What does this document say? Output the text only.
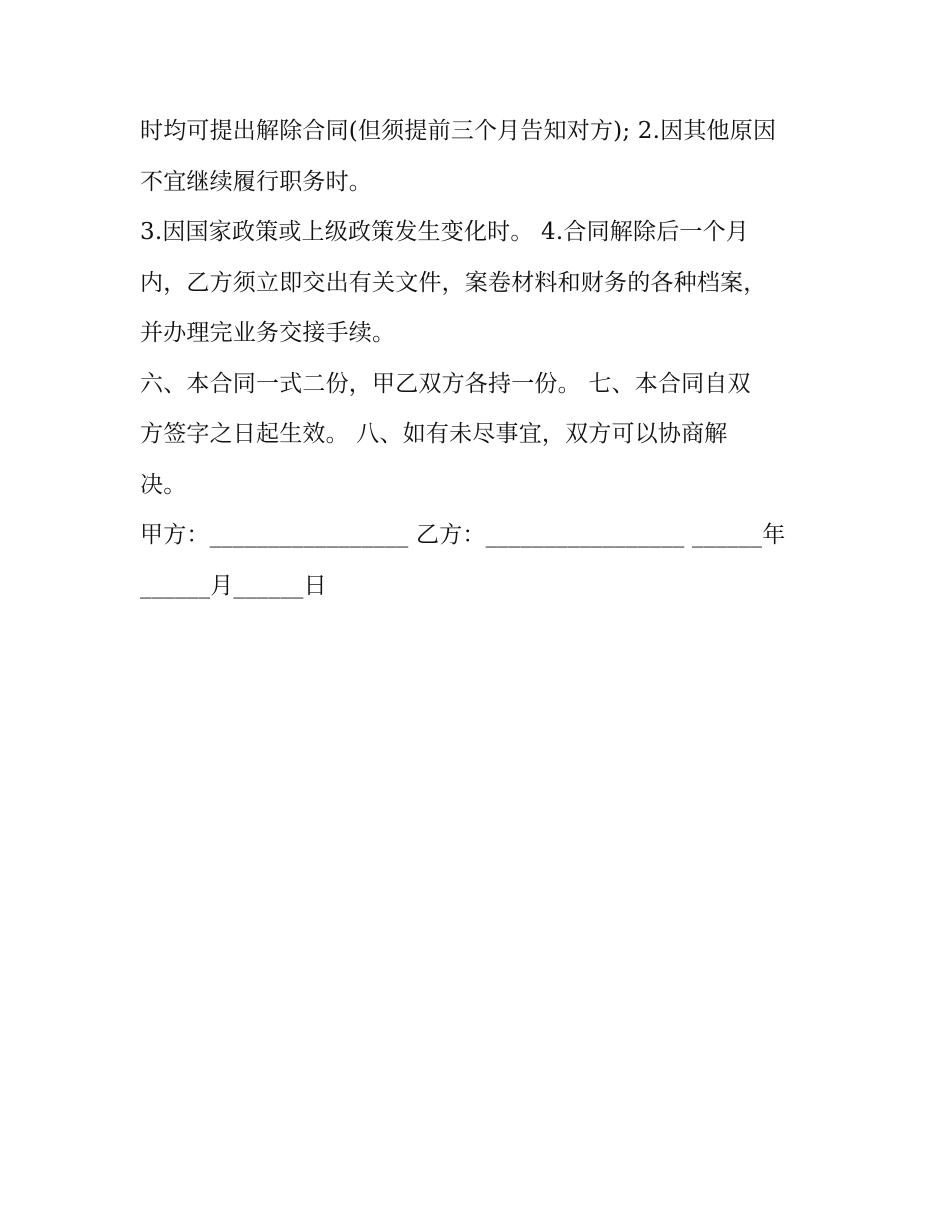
时均可提出解除合同(但须提前三个月告知对方); 2.因其他原因
不宜继续履行职务时。
3.因国家政策或上级政策发生变化时。 4.合同解除后一个月
内，乙方须立即交出有关文件，案卷材料和财务的各种档案，
并办理完业务交接手续。
六、本合同一式二份，甲乙双方各持一份。 七、本合同自双
方签字之日起生效。 八、如有未尽事宜，双方可以协商解
决。
甲方：_________________ 乙方：_________________ ______年
______月______日
